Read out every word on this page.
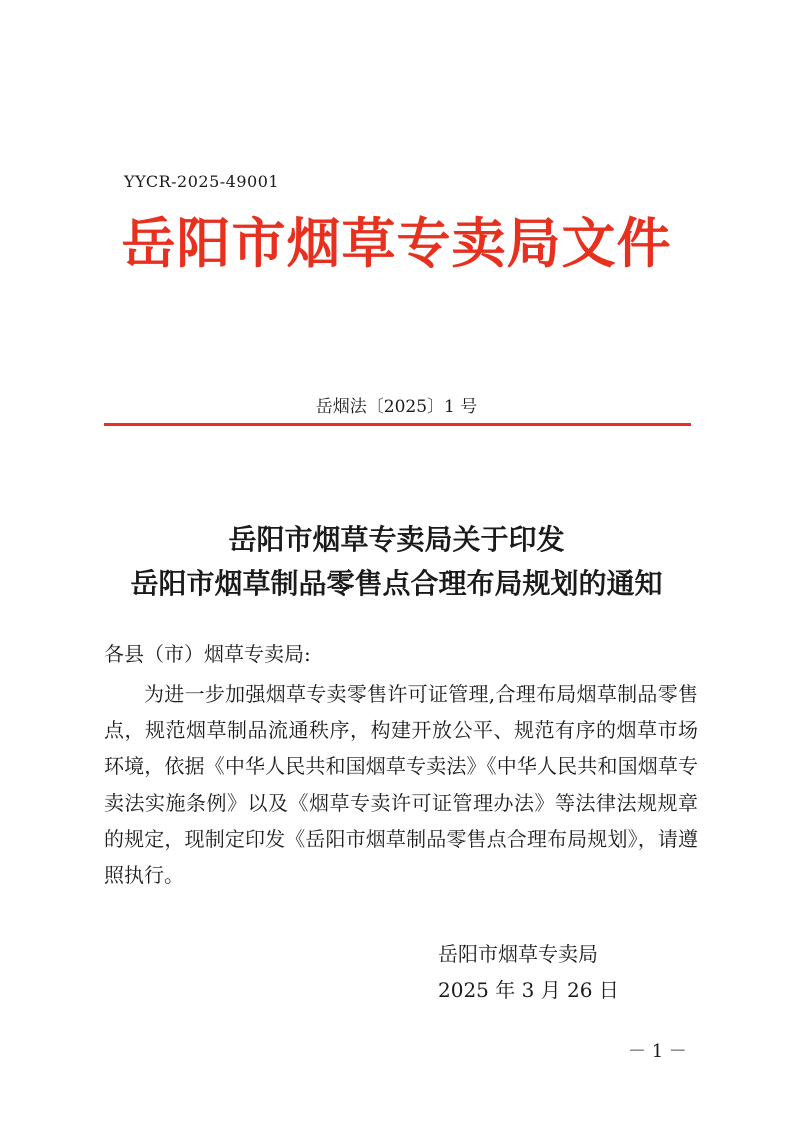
YYCR-2025-49001
岳阳市烟草专卖局文件
岳烟法〔2025〕1 号
岳阳市烟草专卖局关于印发
岳阳市烟草制品零售点合理布局规划的通知
各县（市）烟草专卖局:
为进一步加强烟草专卖零售许可证管理,合理布局烟草制品零售点，规范烟草制品流通秩序，构建开放公平、规范有序的烟草市场环境，依据《中华人民共和国烟草专卖法》《中华人民共和国烟草专卖法实施条例》以及《烟草专卖许可证管理办法》等法律法规规章的规定，现制定印发《岳阳市烟草制品零售点合理布局规划》，请遵照执行。
岳阳市烟草专卖局
2025 年 3 月 26 日
－ 1 －
